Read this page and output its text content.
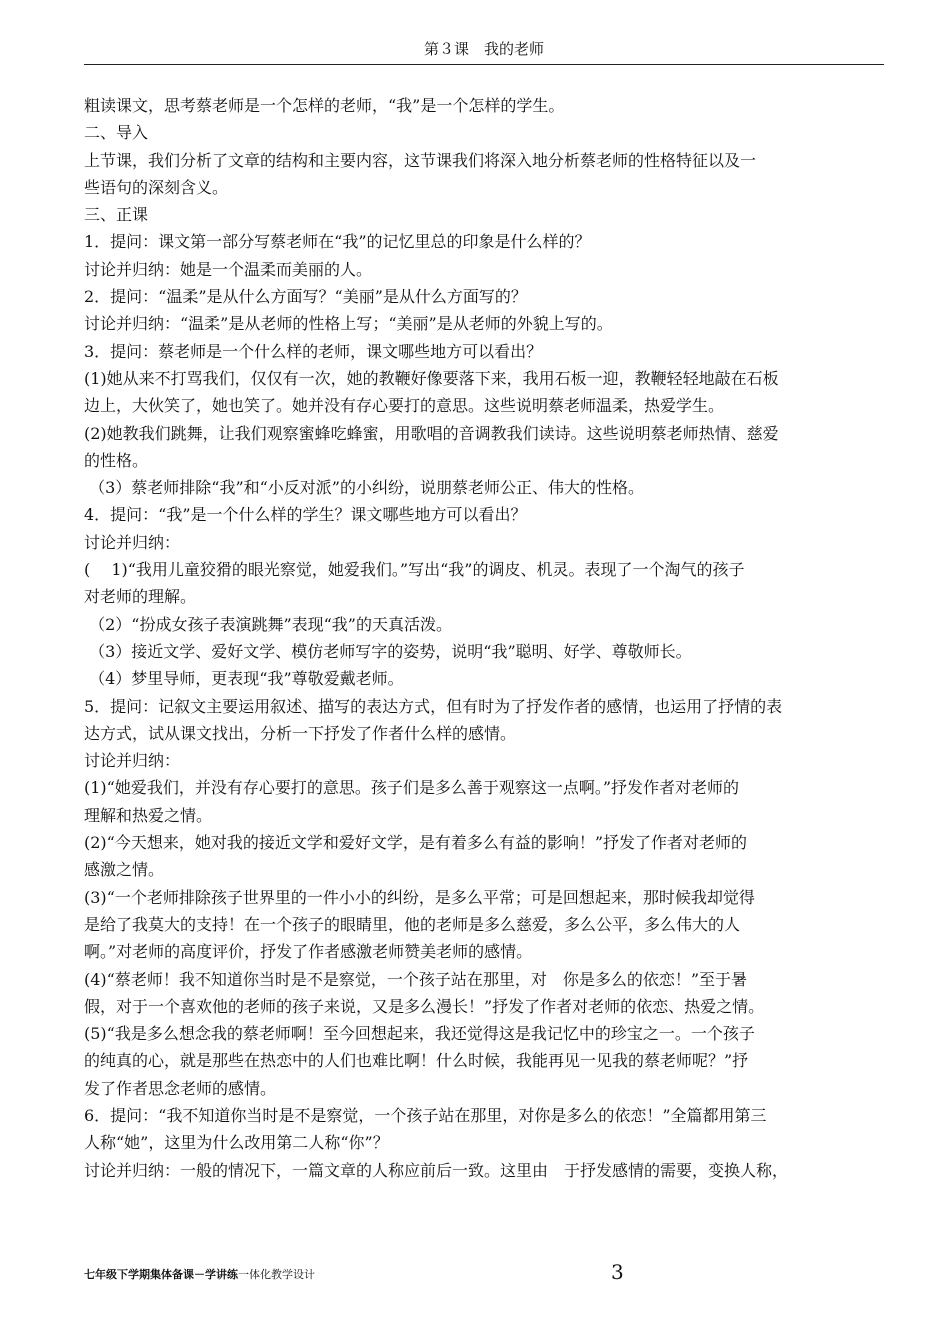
第３课　我的老师
粗读课文，思考蔡老师是一个怎样的老师，“我”是一个怎样的学生。
二、导入
上节课，我们分析了文章的结构和主要内容，这节课我们将深入地分析蔡老师的性格特征以及一
些语句的深刻含义。
三、正课
1．提问：课文第一部分写蔡老师在“我”的记忆里总的印象是什么样的？
讨论并归纳：她是一个温柔而美丽的人。
2．提问：“温柔”是从什么方面写？“美丽”是从什么方面写的？
讨论并归纳：“温柔”是从老师的性格上写；“美丽”是从老师的外貌上写的。
3．提问：蔡老师是一个什么样的老师，课文哪些地方可以看出？
(1)她从来不打骂我们，仅仅有一次，她的教鞭好像要落下来，我用石板一迎，教鞭轻轻地敲在石板
边上，大伙笑了，她也笑了。她并没有存心要打的意思。这些说明蔡老师温柔，热爱学生。
(2)她教我们跳舞，让我们观察蜜蜂吃蜂蜜，用歌唱的音调教我们读诗。这些说明蔡老师热情、慈爱
的性格。
（3）蔡老师排除“我”和“小反对派”的小纠纷，说朋蔡老师公正、伟大的性格。
4．提问：“我”是一个什么样的学生？课文哪些地方可以看出？
讨论并归纳：
(　 1)“我用儿童狡猾的眼光察觉，她爱我们。”写出“我”的调皮、机灵。表现了一个淘气的孩子
对老师的理解。
（2）“扮成女孩子表演跳舞”表现“我”的天真活泼。
（3）接近文学、爱好文学、模仿老师写字的姿势，说明“我”聪明、好学、尊敬师长。
（4）梦里导师，更表现“我”尊敬爱戴老师。
5．提问：记叙文主要运用叙述、描写的表达方式，但有时为了抒发作者的感情，也运用了抒情的表
达方式，试从课文找出，分析一下抒发了作者什么样的感情。
讨论并归纳：
(1)“她爱我们，并没有存心要打的意思。孩子们是多么善于观察这一点啊。”抒发作者对老师的
理解和热爱之情。
(2)“今天想来，她对我的接近文学和爱好文学，是有着多么有益的影响！”抒发了作者对老师的
感激之情。
(3)“一个老师排除孩子世界里的一件小小的纠纷，是多么平常；可是回想起来，那时候我却觉得
是给了我莫大的支持！在一个孩子的眼睛里，他的老师是多么慈爱，多么公平，多么伟大的人
啊。”对老师的高度评价，抒发了作者感激老师赞美老师的感情。
(4)“蔡老师！我不知道你当时是不是察觉，一个孩子站在那里，对　你是多么的依恋！”至于暑
假，对于一个喜欢他的老师的孩子来说，又是多么漫长！”抒发了作者对老师的依恋、热爱之情。
(5)“我是多么想念我的蔡老师啊！至今回想起来，我还觉得这是我记忆中的珍宝之一。一个孩子
的纯真的心，就是那些在热恋中的人们也难比啊！什么时候，我能再见一见我的蔡老师呢？”抒
发了作者思念老师的感情。
6．提问：“我不知道你当时是不是察觉，一个孩子站在那里，对你是多么的依恋！”全篇都用第三
人称“她”，这里为什么改用第二人称“你”？
讨论并归纳：一般的情况下，一篇文章的人称应前后一致。这里由　于抒发感情的需要，变换人称，
七年级下学期集体备课－学讲练一体化教学设计	3
